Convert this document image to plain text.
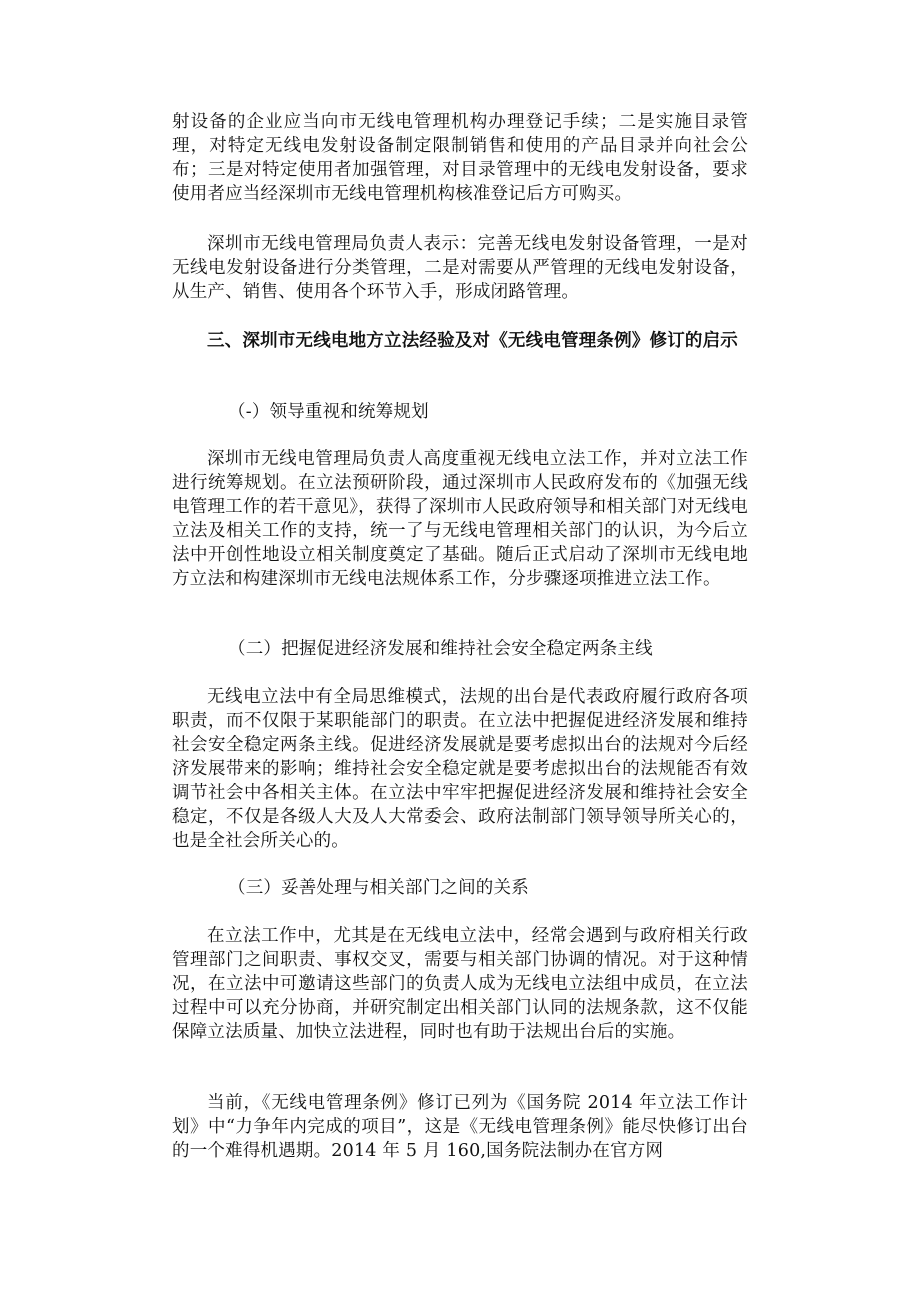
射设备的企业应当向市无线电管理机构办理登记手续；二是实施目录管理，对特定无线电发射设备制定限制销售和使用的产品目录并向社会公布；三是对特定使用者加强管理，对目录管理中的无线电发射设备，要求使用者应当经深圳市无线电管理机构核准登记后方可购买。

深圳市无线电管理局负责人表示：完善无线电发射设备管理，一是对无线电发射设备进行分类管理，二是对需要从严管理的无线电发射设备，从生产、销售、使用各个环节入手，形成闭路管理。

三、深圳市无线电地方立法经验及对《无线电管理条例》修订的启示

（-）领导重视和统筹规划

深圳市无线电管理局负责人高度重视无线电立法工作，并对立法工作进行统筹规划。在立法预研阶段，通过深圳市人民政府发布的《加强无线电管理工作的若干意见》，获得了深圳市人民政府领导和相关部门对无线电立法及相关工作的支持，统一了与无线电管理相关部门的认识，为今后立法中开创性地设立相关制度奠定了基础。随后正式启动了深圳市无线电地方立法和构建深圳市无线电法规体系工作，分步骤逐项推进立法工作。

（二）把握促进经济发展和维持社会安全稳定两条主线

无线电立法中有全局思维模式，法规的出台是代表政府履行政府各项职责，而不仅限于某职能部门的职责。在立法中把握促进经济发展和维持社会安全稳定两条主线。促进经济发展就是要考虑拟出台的法规对今后经济发展带来的影响；维持社会安全稳定就是要考虑拟出台的法规能否有效调节社会中各相关主体。在立法中牢牢把握促进经济发展和维持社会安全稳定，不仅是各级人大及人大常委会、政府法制部门领导领导所关心的，也是全社会所关心的。

（三）妥善处理与相关部门之间的关系

在立法工作中，尤其是在无线电立法中，经常会遇到与政府相关行政管理部门之间职责、事权交叉，需要与相关部门协调的情况。对于这种情况，在立法中可邀请这些部门的负责人成为无线电立法组中成员，在立法过程中可以充分协商，并研究制定出相关部门认同的法规条款，这不仅能保障立法质量、加快立法进程，同时也有助于法规出台后的实施。

当前，《无线电管理条例》修订已列为《国务院 2014 年立法工作计划》中“力争年内完成的项目”，这是《无线电管理条例》能尽快修订出台的一个难得机遇期。2014 年 5 月 160,国务院法制办在官方网
